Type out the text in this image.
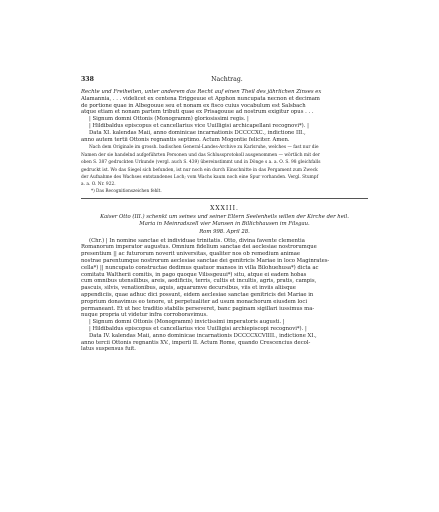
338	Nachtrag.

Rechte und Freiheiten, unter anderem das Recht auf einen Theil des jährlichen Zinses ex

Alamannia, . . . videlicet ex centena Eriggeuue et Apphon nuncupata necnon et decimam

de portione quae in Albegouue seu et nonam ex fisco cuius vocabulum est Salsbach

atque etiam et nonam partem tributi quae ex Prisagouue ad nostrum exigitur opus . . .

| Signum domni Ottonis (Monogramm) gloriosissimi regis. |

| Hildibaldus episcopus et cancellarius vice Uuilligisi archicapellani recognovi*). |

Data XI. kalendas Maii, anno dominicae incarnationis DCCCCXC., indictione III.,

anno autem tertii Ottonis regnantis septimo. Actum Mogontie feliciter. Amen.

Nach dem Originale im grossh. badischen General-Landes-Archive zu Karlsruhe, welches — fast nur die

Namen der sie handelnd aufgeführten Personen und das Schlussprotokoll ausgenommen — wörtlich mit der

oben S. 387 gedruckten Urkunde (vergl. auch S. 439) übereinstimmt und in Dönge s a. a. O. S. 98 gleichfalls

gedruckt ist. Wo das Siegel sich befunden, ist nur noch ein durch Einschnitte in das Pergament zum Zweck

der Aufnahme des Wachses entstandenes Loch; vom Wachs kaum noch eine Spur vorhanden. Vergl. Stumpf

a. a. O. Nr. 922.

*) Das Recognitionszeichen fehlt.

XXXIII.
Kaiser Otto (III.) schenkt um seines und seiner Eltern Seelenheils willen der Kirche der heil.
Maria in Meinradszell vier Mansen in Billichhausen im Filsgau.
Rom 998. April 28.

(Chr.) | In nomine sanctae et individuae trinitatis. Otto, divina favente clementia

Romanorum imperator augustus. Omnium fidelium sanctae dei aeclesiae nostrorumque

presentium || ac futurorum noverit universitas, qualiter nos ob remedium animae

nostrae parentumque nostrorum aeclesiae sanctae dei genitricis Mariae in loco Maginrates-

cella*) || nuncupato constructae dedimus quatuor mansos in villa Bilohuehusa*) dicta ac

comitatu Waltherii comitis, in pago quoque Vilissgeuui*) situ, atque ei eadem hobas

cum omnibus utensilibus, areis, aedificiis, terris, cultis et incultis, agris, pratis, campis,

pascuis, silvis, venationibus, aquis, aquarumve decursibus, viis et inviis aliisque

appendiciis, quae adhuc dici possunt, eidem aeclesiae sanctae genitricis dei Mariae in

proprium donavimus eo tenore, ut perpetualiter ad usum monachorum eiusdem loci

permaneant. Et ut hec traditio stabilis perseveret, banc paginam sigillari iussimus ma-

nuque propria ut videtur infra corroboravimus.

| Signum domni Ottonis (Monogramm) invictissimi imperatoris augusti. |

| Hildibaldus episcopus et cancellarius vice Uuilligisi archiepiscopi recognovi*). |

Data IV. kalendas Maii, anno dominicae incarnationis DCCCCXCVIIII., indictione XI.,

anno tercii Ottonis regnantis XV., imperii II. Actum Rome, quando Crescencius decol-

latus suspensus fuit.
